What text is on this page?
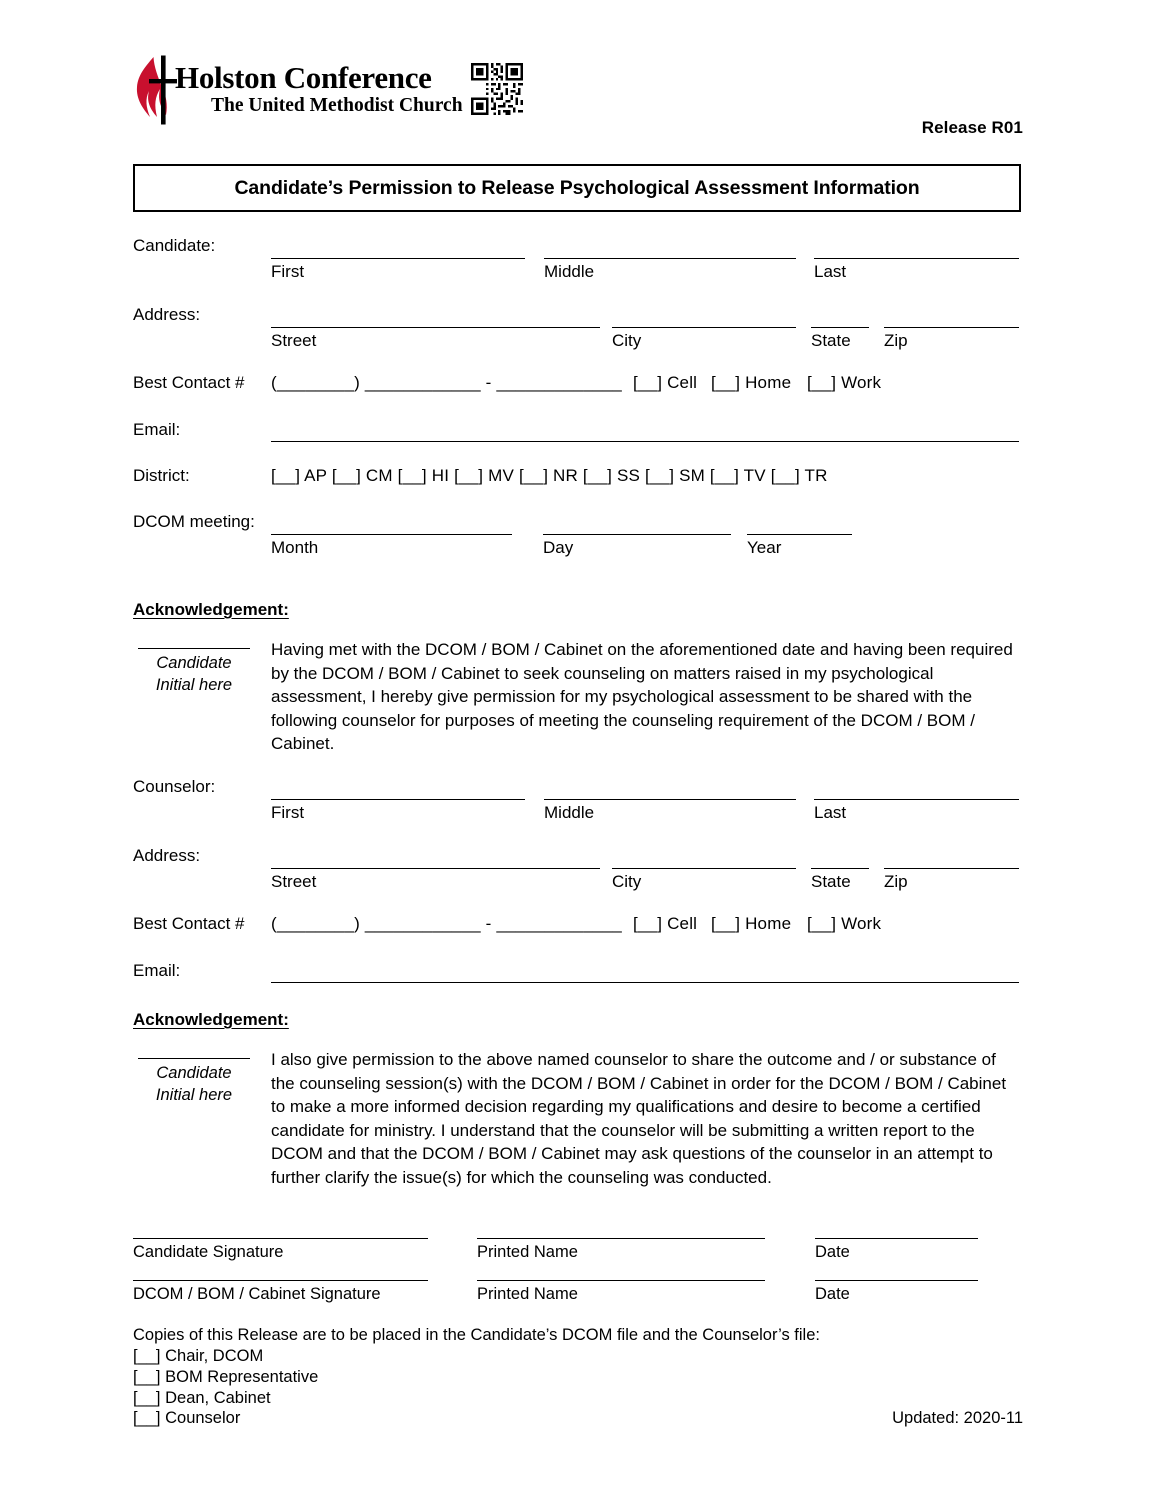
Holston Conference
The United Methodist Church
Release R01
Candidate’s Permission to Release Psychological Assessment Information
Candidate:
First	Middle	Last
Address:
Street	City	State Zip
Best Contact # (________) ____________ - _____________ [__] Cell [__] Home [__] Work
Email:
District:	[__] AP [__] CM [__] HI [__] MV [__] NR [__] SS [__] SM [__] TV [__] TR
DCOM meeting:
Month	Day	Year
Acknowledgement:
Candidate
Initial here
Having met with the DCOM / BOM / Cabinet on the aforementioned date and having been required by the DCOM / BOM / Cabinet to seek counseling on matters raised in my psychological assessment, I hereby give permission for my psychological assessment to be shared with the following counselor for purposes of meeting the counseling requirement of the DCOM / BOM / Cabinet.
Counselor:
First	Middle	Last
Address:
Street	City	State Zip
Best Contact # (________) ____________ - _____________ [__] Cell [__] Home [__] Work
Email:
Acknowledgement:
Candidate
Initial here
I also give permission to the above named counselor to share the outcome and / or substance of the counseling session(s) with the DCOM / BOM / Cabinet in order for the DCOM / BOM / Cabinet to make a more informed decision regarding my qualifications and desire to become a certified candidate for ministry. I understand that the counselor will be submitting a written report to the DCOM and that the DCOM / BOM / Cabinet may ask questions of the counselor in an attempt to further clarify the issue(s) for which the counseling was conducted.
Candidate Signature	Printed Name	Date
DCOM / BOM / Cabinet Signature	Printed Name	Date
Copies of this Release are to be placed in the Candidate’s DCOM file and the Counselor’s file:
[__] Chair, DCOM
[__] BOM Representative
[__] Dean, Cabinet
[__] Counselor	Updated: 2020-11
